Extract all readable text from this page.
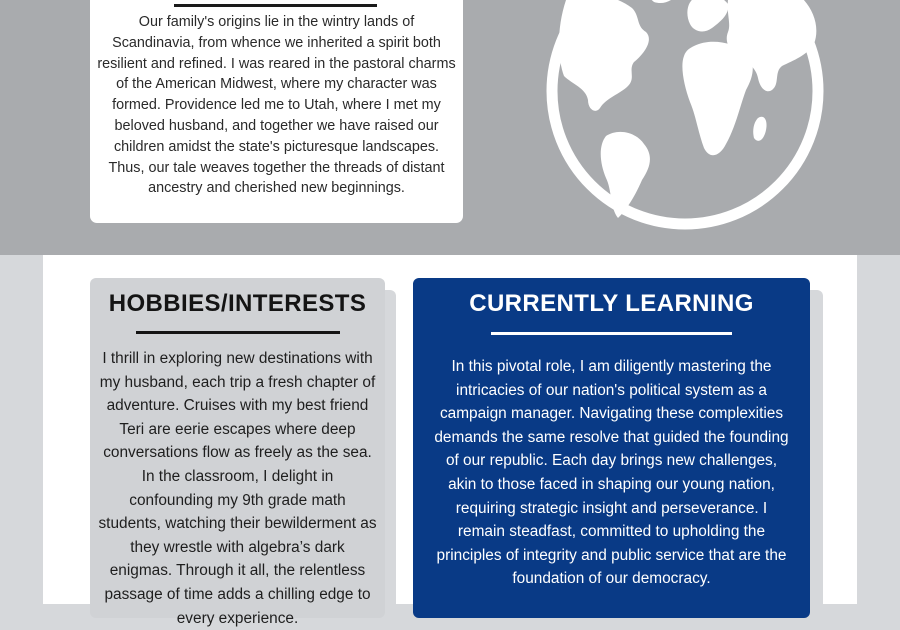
Our family's origins lie in the wintry lands of Scandinavia, from whence we inherited a spirit both resilient and refined. I was reared in the pastoral charms of the American Midwest, where my character was formed. Providence led me to Utah, where I met my beloved husband, and together we have raised our children amidst the state's picturesque landscapes. Thus, our tale weaves together the threads of distant ancestry and cherished new beginnings.
HOBBIES/INTERESTS
I thrill in exploring new destinations with my husband, each trip a fresh chapter of adventure. Cruises with my best friend Teri are eerie escapes where deep conversations flow as freely as the sea. In the classroom, I delight in confounding my 9th grade math students, watching their bewilderment as they wrestle with algebra’s dark enigmas. Through it all, the relentless passage of time adds a chilling edge to every experience.
CURRENTLY LEARNING
In this pivotal role, I am diligently mastering the intricacies of our nation's political system as a campaign manager. Navigating these complexities demands the same resolve that guided the founding of our republic. Each day brings new challenges, akin to those faced in shaping our young nation, requiring strategic insight and perseverance. I remain steadfast, committed to upholding the principles of integrity and public service that are the foundation of our democracy.
